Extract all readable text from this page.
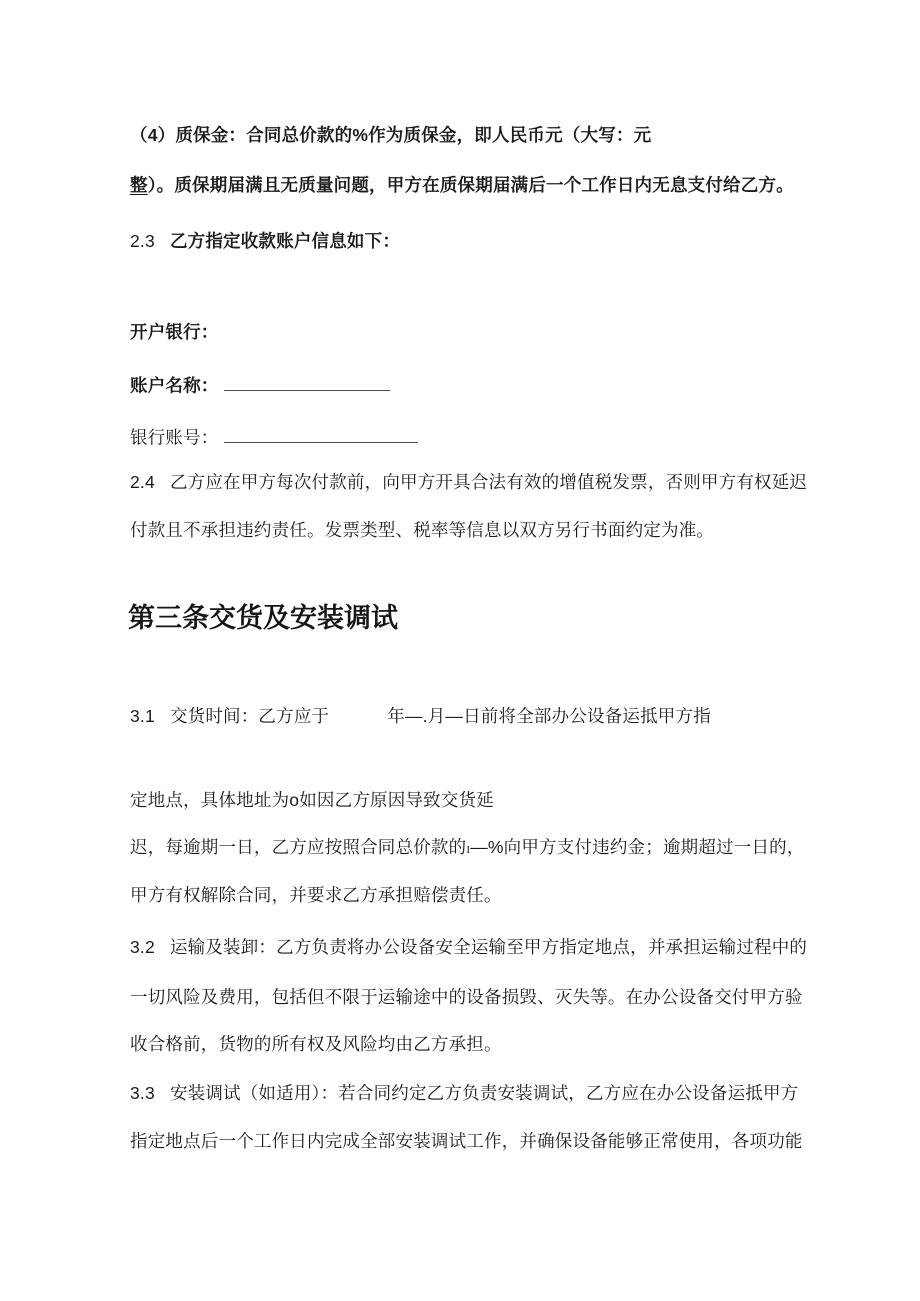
（4）质保金：合同总价款的%作为质保金，即人民币元（大写：元

整）。质保期届满且无质量问题，甲方在质保期届满后一个工作日内无息支付给乙方。

2.3 乙方指定收款账户信息如下：

开户银行：

账户名称：

银行账号：

2.4 乙方应在甲方每次付款前，向甲方开具合法有效的增值税发票，否则甲方有权延迟

付款且不承担违约责任。发票类型、税率等信息以双方另行书面约定为准。

第三条交货及安装调试

3.1 交货时间：乙方应于	年—.月—日前将全部办公设备运抵甲方指

定地点，具体地址为o如因乙方原因导致交货延

迟，每逾期一日，乙方应按照合同总价款的I—%向甲方支付违约金；逾期超过一日的，

甲方有权解除合同，并要求乙方承担赔偿责任。

3.2 运输及装卸：乙方负责将办公设备安全运输至甲方指定地点，并承担运输过程中的

一切风险及费用，包括但不限于运输途中的设备损毁、灭失等。在办公设备交付甲方验

收合格前，货物的所有权及风险均由乙方承担。

3.3 安装调试（如适用）：若合同约定乙方负责安装调试，乙方应在办公设备运抵甲方

指定地点后一个工作日内完成全部安装调试工作，并确保设备能够正常使用，各项功能
